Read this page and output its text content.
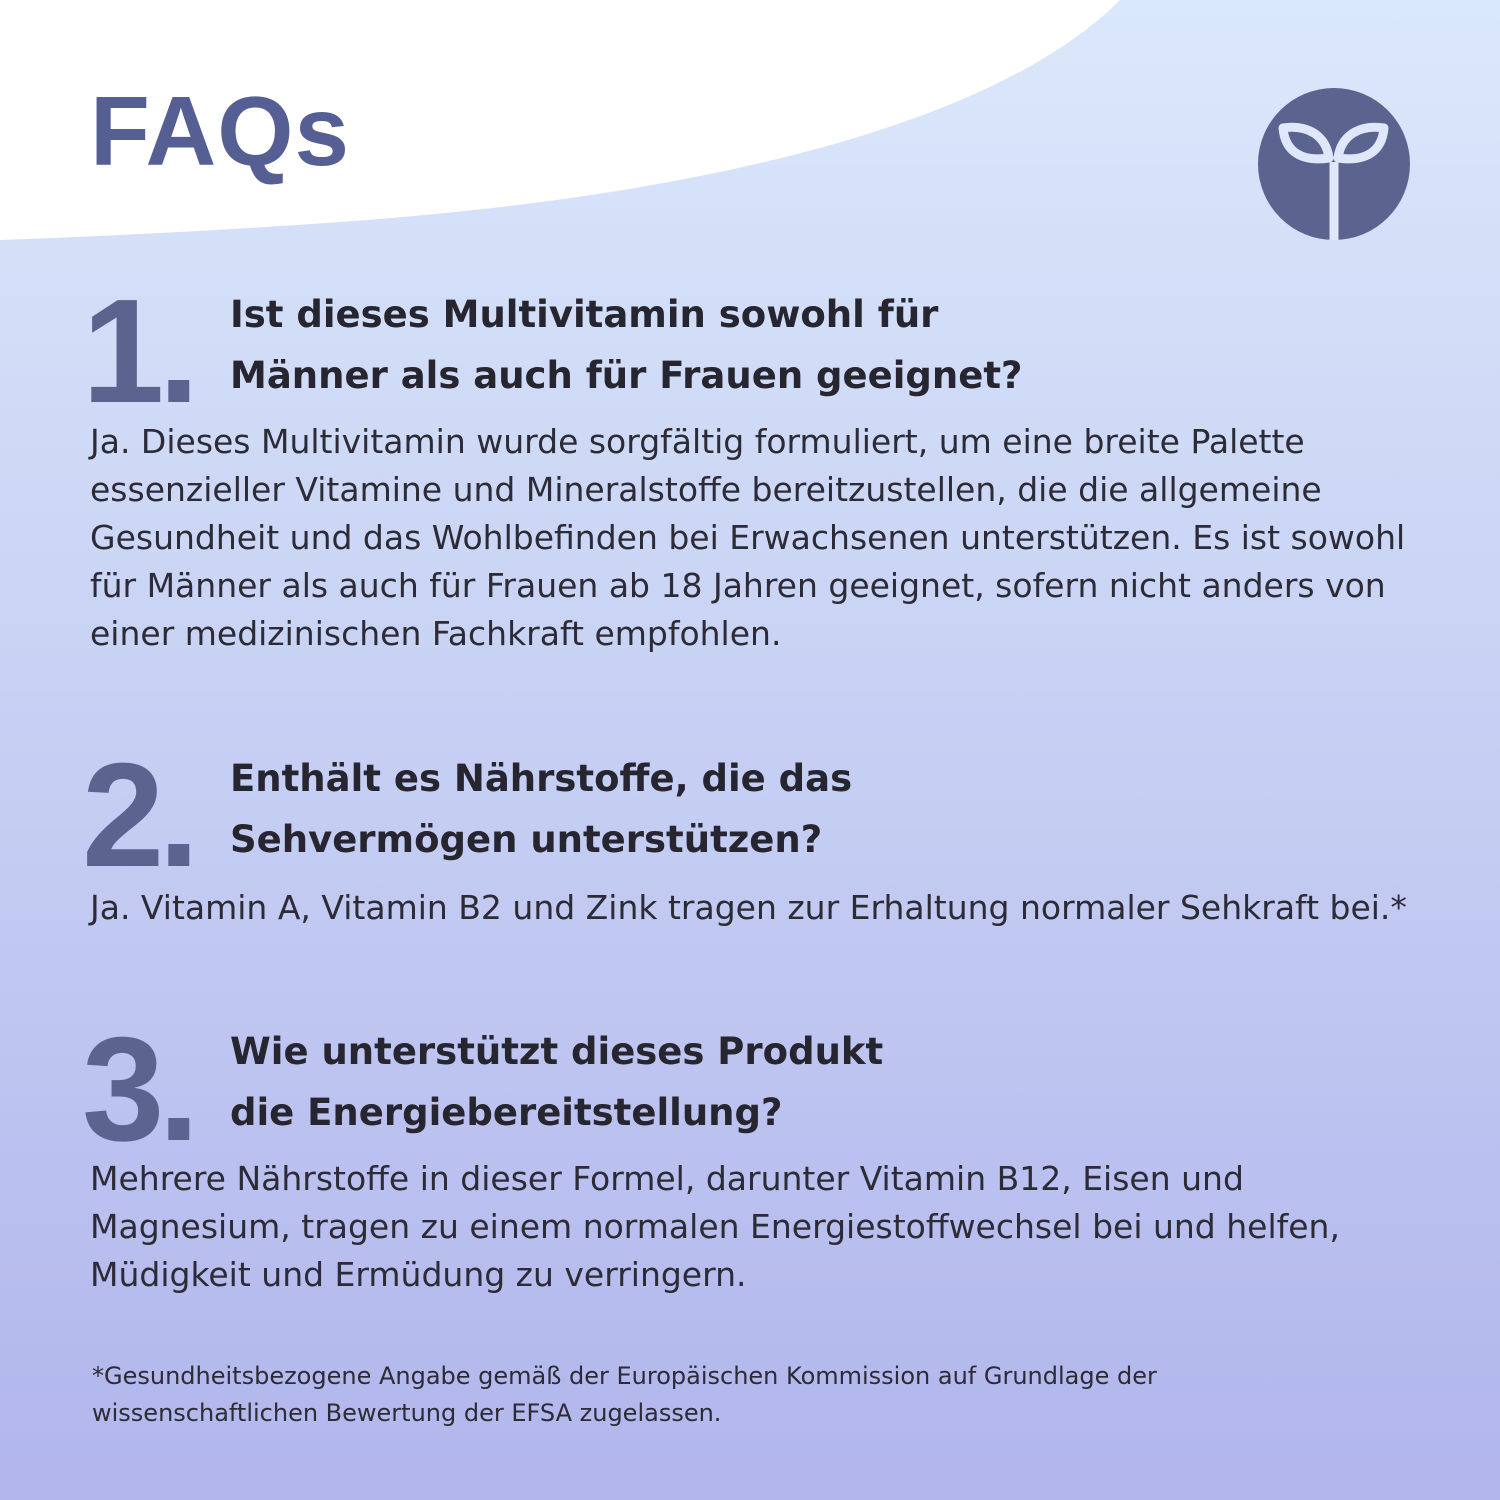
FAQs

1. Ist dieses Multivitamin sowohl für Männer als auch für Frauen geeignet?

Ja. Dieses Multivitamin wurde sorgfältig formuliert, um eine breite Palette essenzieller Vitamine und Mineralstoffe bereitzustellen, die die allgemeine Gesundheit und das Wohlbefinden bei Erwachsenen unterstützen. Es ist sowohl für Männer als auch für Frauen ab 18 Jahren geeignet, sofern nicht anders von einer medizinischen Fachkraft empfohlen.

2. Enthält es Nährstoffe, die das Sehvermögen unterstützen?

Ja. Vitamin A, Vitamin B2 und Zink tragen zur Erhaltung normaler Sehkraft bei.*

3. Wie unterstützt dieses Produkt die Energiebereitstellung?

Mehrere Nährstoffe in dieser Formel, darunter Vitamin B12, Eisen und Magnesium, tragen zu einem normalen Energiestoffwechsel bei und helfen, Müdigkeit und Ermüdung zu verringern.

*Gesundheitsbezogene Angabe gemäß der Europäischen Kommission auf Grundlage der wissenschaftlichen Bewertung der EFSA zugelassen.
